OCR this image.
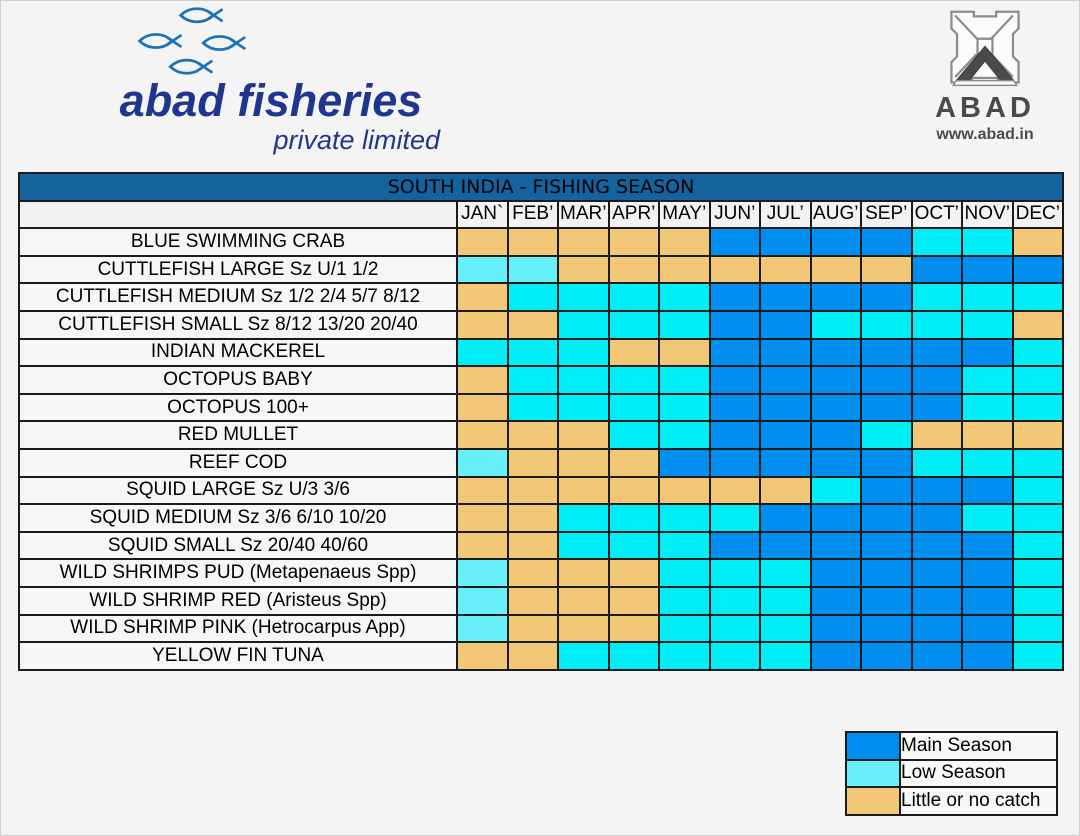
abad fisheries
private limited
ABAD
www.abad.in
SOUTH INDIA - FISHING SEASON												
	JAN`	FEB’	MAR’	APR’	MAY’	JUN’	JUL’	AUG’	SEP’	OCT’	NOV’	DEC’
BLUE SWIMMING CRAB												
CUTTLEFISH LARGE Sz U/1 1/2												
CUTTLEFISH MEDIUM Sz 1/2 2/4 5/7 8/12												
CUTTLEFISH SMALL Sz 8/12 13/20 20/40												
INDIAN MACKEREL												
OCTOPUS BABY												
OCTOPUS 100+												
RED MULLET												
REEF COD												
SQUID LARGE Sz U/3 3/6												
SQUID MEDIUM Sz 3/6 6/10 10/20												
SQUID SMALL Sz 20/40 40/60												
WILD SHRIMPS PUD (Metapenaeus Spp)												
WILD SHRIMP RED (Aristeus Spp)												
WILD SHRIMP PINK (Hetrocarpus App)												
YELLOW FIN TUNA												
	Main Season
	Low Season
	Little or no catch
